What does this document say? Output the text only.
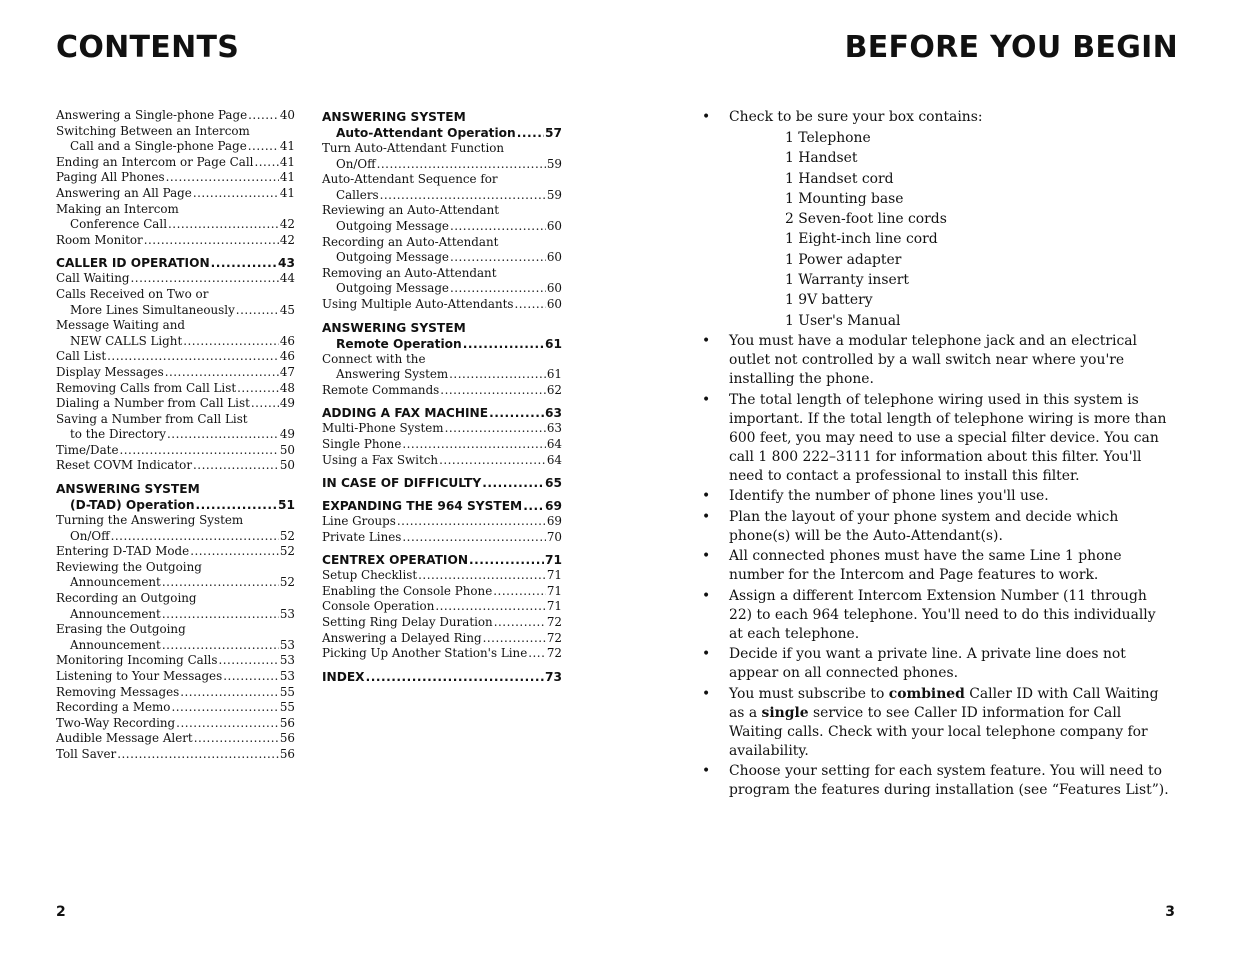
CONTENTS	BEFORE YOU BEGIN
Answering a Single-phone Page .....	40
Switching Between an Intercom
Call and a Single-phone Page .....	41
Ending an Intercom or Page Call ..... 41
Paging All Phones .....	41
Answering an All Page .....	41
Making an Intercom
Conference Call .....	42
Room Monitor .....	42
CALLER ID OPERATION .....	43
Call Waiting .....	44
Calls Received on Two or
More Lines Simultaneously .....	45
Message Waiting and
NEW CALLS Light .....	46
Call List .....	46
Display Messages .....	47
Removing Calls from Call List .....	48
Dialing a Number from Call List .....	49
Saving a Number from Call List
to the Directory .....	49
Time/Date .....	50
Reset COVM Indicator .....	50
ANSWERING SYSTEM
(D-TAD) Operation .....	51
Turning the Answering System
On/Off .....	52
Entering D-TAD Mode .....	52
Reviewing the Outgoing
Announcement .....	52
Recording an Outgoing
Announcement .....	53
Erasing the Outgoing
Announcement .....	53
Monitoring Incoming Calls .....	53
Listening to Your Messages .....	53
Removing Messages .....	55
Recording a Memo .....	55
Two-Way Recording .....	56
Audible Message Alert .....	56
Toll Saver .....	56
ANSWERING SYSTEM
Auto-Attendant Operation ..... 57
Turn Auto-Attendant Function
On/Off .....	59
Auto-Attendant Sequence for
Callers .....	59
Reviewing an Auto-Attendant
Outgoing Message .....	60
Recording an Auto-Attendant
Outgoing Message .....	60
Removing an Auto-Attendant
Outgoing Message .....	60
Using Multiple Auto-Attendants .....	60
ANSWERING SYSTEM
Remote Operation .....	61
Connect with the
Answering System .....	61
Remote Commands .....	62
ADDING A FAX MACHINE .....	63
Multi-Phone System .....	63
Single Phone .....	64
Using a Fax Switch .....	64
IN CASE OF DIFFICULTY .....	65
EXPANDING THE 964 SYSTEM ..... 69
Line Groups .....	69
Private Lines .....	70
CENTREX OPERATION .....	71
Setup Checklist .....	71
Enabling the Console Phone .....	71
Console Operation .....	71
Setting Ring Delay Duration .....	72
Answering a Delayed Ring .....	72
Picking Up Another Station's Line ..... 72
INDEX .....	73
• Check to be sure your box contains:
1 Telephone
1 Handset
1 Handset cord
1 Mounting base
2 Seven-foot line cords
1 Eight-inch line cord
1 Power adapter
1 Warranty insert
1 9V battery
1 User's Manual
• You must have a modular telephone jack and an electrical outlet not controlled by a wall switch near where you're installing the phone.
• The total length of telephone wiring used in this system is important. If the total length of telephone wiring is more than 600 feet, you may need to use a special filter device. You can call 1 800 222–3111 for information about this filter. You'll need to contact a professional to install this filter.
• Identify the number of phone lines you'll use.
• Plan the layout of your phone system and decide which phone(s) will be the Auto-Attendant(s).
• All connected phones must have the same Line 1 phone number for the Intercom and Page features to work.
• Assign a different Intercom Extension Number (11 through 22) to each 964 telephone. You'll need to do this individually at each telephone.
• Decide if you want a private line. A private line does not appear on all connected phones.
• You must subscribe to combined Caller ID with Call Waiting as a single service to see Caller ID information for Call Waiting calls. Check with your local telephone company for availability.
• Choose your setting for each system feature. You will need to program the features during installation (see “Features List”).

2	3
